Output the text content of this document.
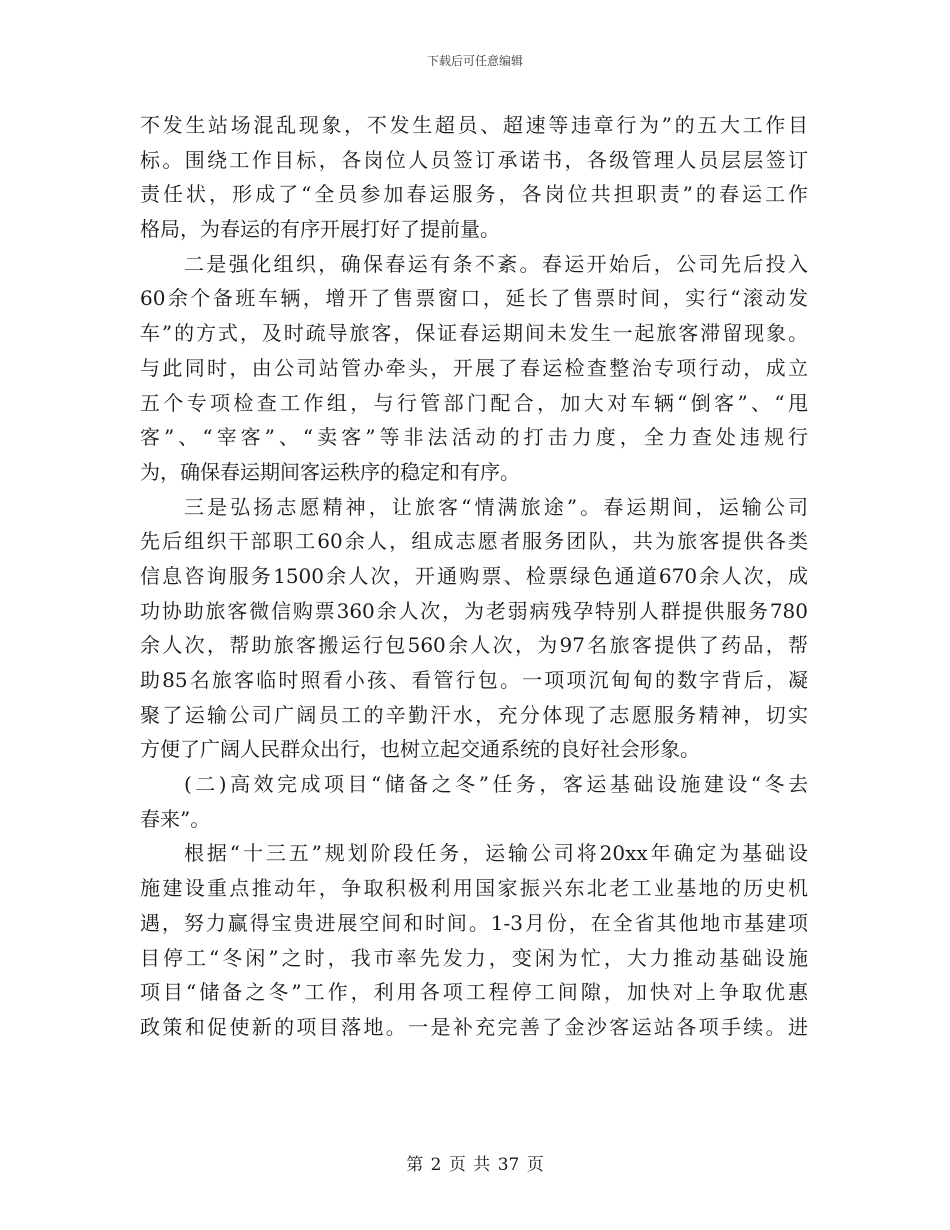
下载后可任意编辑
不发生站场混乱现象，不发生超员、超速等违章行为”的五大工作目
标。围绕工作目标，各岗位人员签订承诺书，各级管理人员层层签订
责任状，形成了“全员参加春运服务，各岗位共担职责”的春运工作
格局，为春运的有序开展打好了提前量。
二是强化组织，确保春运有条不紊。春运开始后，公司先后投入
60余个备班车辆，增开了售票窗口，延长了售票时间，实行“滚动发
车”的方式，及时疏导旅客，保证春运期间未发生一起旅客滞留现象。
与此同时，由公司站管办牵头，开展了春运检查整治专项行动，成立
五个专项检查工作组，与行管部门配合，加大对车辆“倒客”、“甩
客”、“宰客”、“卖客”等非法活动的打击力度，全力查处违规行
为，确保春运期间客运秩序的稳定和有序。
三是弘扬志愿精神，让旅客“情满旅途”。春运期间，运输公司
先后组织干部职工60余人，组成志愿者服务团队，共为旅客提供各类
信息咨询服务1500余人次，开通购票、检票绿色通道670余人次，成
功协助旅客微信购票360余人次，为老弱病残孕特别人群提供服务780
余人次，帮助旅客搬运行包560余人次，为97名旅客提供了药品，帮
助85名旅客临时照看小孩、看管行包。一项项沉甸甸的数字背后，凝
聚了运输公司广阔员工的辛勤汗水，充分体现了志愿服务精神，切实
方便了广阔人民群众出行，也树立起交通系统的良好社会形象。
(二)高效完成项目“储备之冬”任务，客运基础设施建设“冬去
春来”。
根据“十三五”规划阶段任务，运输公司将20xx年确定为基础设
施建设重点推动年，争取积极利用国家振兴东北老工业基地的历史机
遇，努力赢得宝贵进展空间和时间。1-3月份，在全省其他地市基建项
目停工“冬闲”之时，我市率先发力，变闲为忙，大力推动基础设施
项目“储备之冬”工作，利用各项工程停工间隙，加快对上争取优惠
政策和促使新的项目落地。一是补充完善了金沙客运站各项手续。进
第 2 页 共 37 页
